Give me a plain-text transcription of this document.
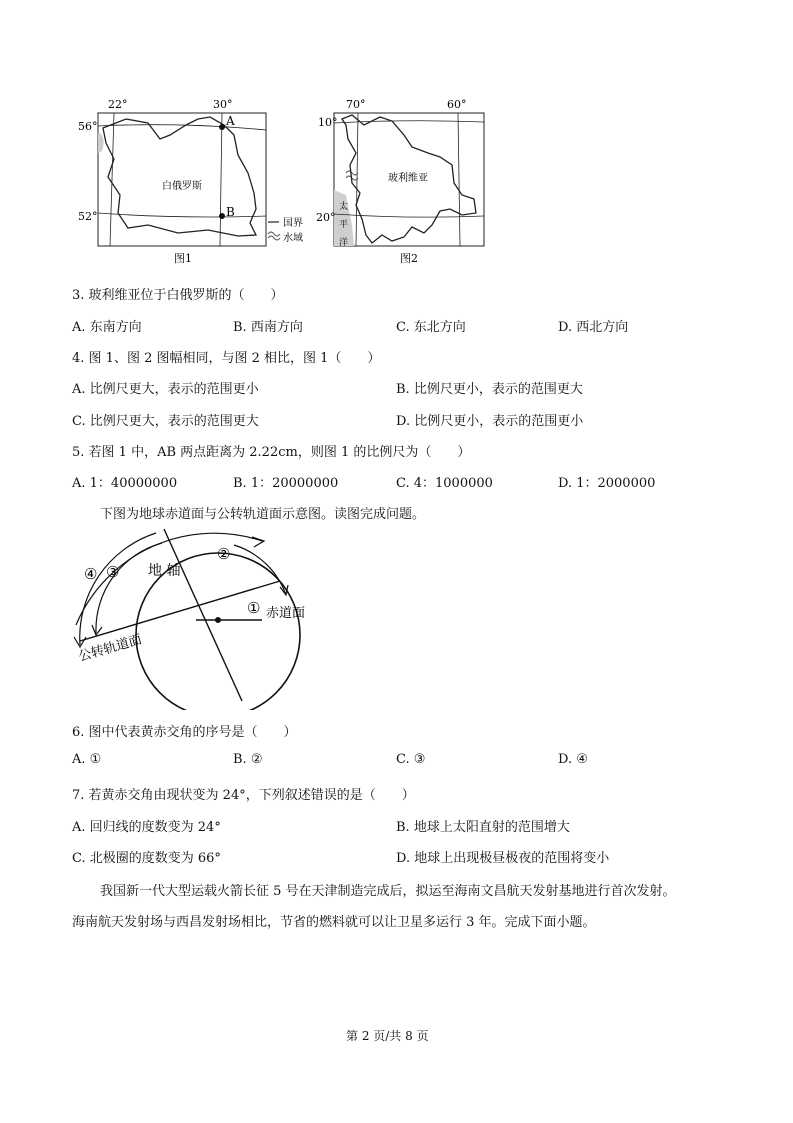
22°	30°
56°
52°
白俄罗斯
A
B
国界
水域
图1
70°	60°
10°
20°
玻利维亚
太
平
洋
图2
3. 玻利维亚位于白俄罗斯的（　　）
A. 东南方向	B. 西南方向	C. 东北方向	D. 西北方向
4. 图 1、图 2 图幅相同，与图 2 相比，图 1（　　）
A. 比例尺更大，表示的范围更小	B. 比例尺更小，表示的范围更大
C. 比例尺更大，表示的范围更大	D. 比例尺更小，表示的范围更小
5. 若图 1 中，AB 两点距离为 2.22cm，则图 1 的比例尺为（　　）
A. 1：40000000	B. 1：20000000	C. 4：1000000	D. 1：2000000
下图为地球赤道面与公转轨道面示意图。读图完成问题。
地 轴
赤道面
公转轨道面
①
②
③
④
6. 图中代表黄赤交角的序号是（　　）
A. ①	B. ②	C. ③	D. ④
7. 若黄赤交角由现状变为 24°，下列叙述错误的是（　　）
A. 回归线的度数变为 24°	B. 地球上太阳直射的范围增大
C. 北极圈的度数变为 66°	D. 地球上出现极昼极夜的范围将变小
我国新一代大型运载火箭长征 5 号在天津制造完成后，拟运至海南文昌航天发射基地进行首次发射。
海南航天发射场与西昌发射场相比，节省的燃料就可以让卫星多运行 3 年。完成下面小题。
第 2 页/共 8 页
